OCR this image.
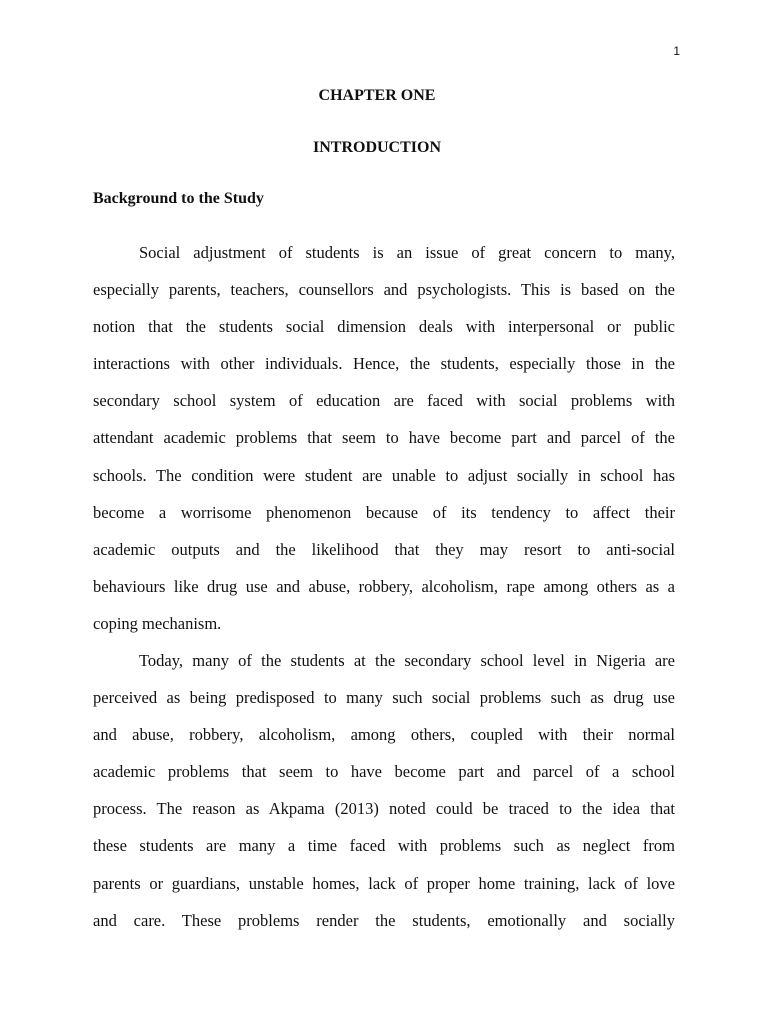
1
CHAPTER ONE
INTRODUCTION
Background to the Study
Social adjustment of students is an issue of great concern to many,
especially parents, teachers, counsellors and psychologists. This is based on the
notion that the students social dimension deals with interpersonal or public
interactions with other individuals. Hence, the students, especially those in the
secondary school system of education are faced with social problems with
attendant academic problems that seem to have become part and parcel of the
schools. The condition were student are unable to adjust socially in school has
become a worrisome phenomenon because of its tendency to affect their
academic outputs and the likelihood that they may resort to anti-social
behaviours like drug use and abuse, robbery, alcoholism, rape among others as a
coping mechanism.
Today, many of the students at the secondary school level in Nigeria are
perceived as being predisposed to many such social problems such as drug use
and abuse, robbery, alcoholism, among others, coupled with their normal
academic problems that seem to have become part and parcel of a school
process. The reason as Akpama (2013) noted could be traced to the idea that
these students are many a time faced with problems such as neglect from
parents or guardians, unstable homes, lack of proper home training, lack of love
and care. These problems render the students, emotionally and socially
